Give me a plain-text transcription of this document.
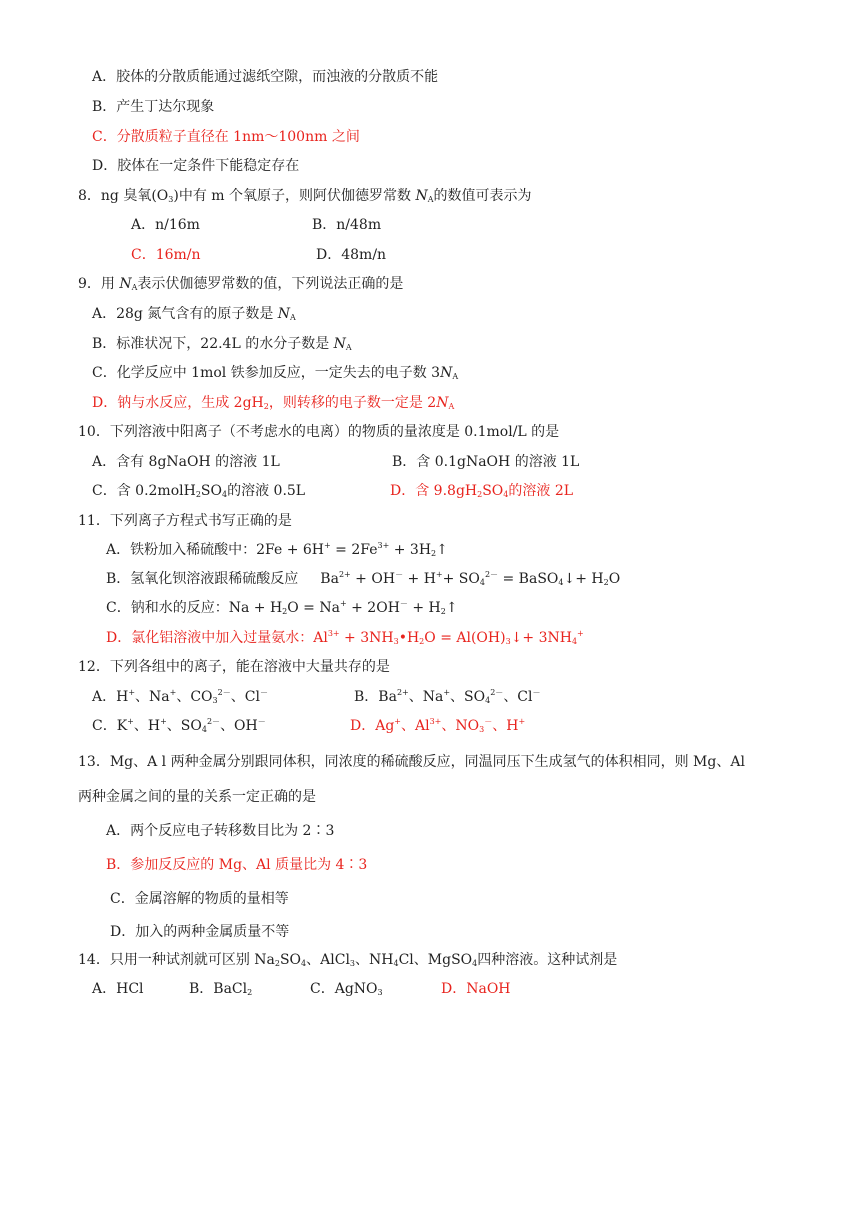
A．胶体的分散质能通过滤纸空隙，而浊液的分散质不能
B．产生丁达尔现象
C．分散质粒子直径在 1nm～100nm 之间
D．胶体在一定条件下能稳定存在
8．ng 臭氧$(O_3)$中有 m 个氧原子，则阿伏伽德罗常数 $N_A$的数值可表示为
A．n/16m	B．n/48m
C．16m/n	D．48m/n
9．用 $N_A$表示伏伽德罗常数的值，下列说法正确的是
A．28g 氮气含有的原子数是 $N_A$
B．标准状况下，22.4L 的水分子数是 $N_A$
C．化学反应中 1mol 铁参加反应，一定失去的电子数 $3N_A$
D．钠与水反应，生成 $2gH_2$，则转移的电子数一定是 $2N_A$
10．下列溶液中阳离子（不考虑水的电离）的物质的量浓度是 0.1mol/L 的是
A．含有 8gNaOH 的溶液 1L	B．含 0.1gNaOH 的溶液 1L
C．含 $0.2molH_2SO_4$的溶液 0.5L	D．含 $9.8gH_2SO_4$的溶液 2L
11．下列离子方程式书写正确的是
A．铁粉加入稀硫酸中：$2Fe + 6H^+ = 2Fe^{3+}$ + $3H_2↑$
B．氢氧化钡溶液跟稀硫酸反应 $Ba^{2+} + OH^- + H^++ SO_4^{2-}$ = BaSO$_4$↓+ $H_2O$
C．钠和水的反应：$Na + H_2O = Na^+ + 2OH^-$ + $H_2↑$
D．氯化铝溶液中加入过量氨水：$Al^{3+}$ + $3NH_3•H_2O$ = $Al(OH)_3↓+ 3NH_4^+$
12．下列各组中的离子，能在溶液中大量共存的是
A．H+、Na+、$CO_3^{2-}$、Cl－	B．$Ba^{2+}$、Na+、$SO_4^{2-}$、Cl－
C．K+、H+、$SO_4^{2-}$、OH－	D．Ag+、$Al^{3+}$、$NO_3^-$、H+
13．Mg、A l 两种金属分别跟同体积，同浓度的稀硫酸反应，同温同压下生成氢气的体积相同，则 Mg、Al
两种金属之间的量的关系一定正确的是
A．两个反应电子转移数目比为 2∶3
B．参加反反应的 Mg、Al 质量比为 4∶3
C．金属溶解的物质的量相等
D．加入的两种金属质量不等
14．只用一种试剂就可区别 $Na_2SO_4$、AlCl$_3$、$NH_4Cl$、MgSO$_4$四种溶液。这种试剂是
A．HCl	B．BaCl$_2$	C．AgNO$_3$	D．NaOH
